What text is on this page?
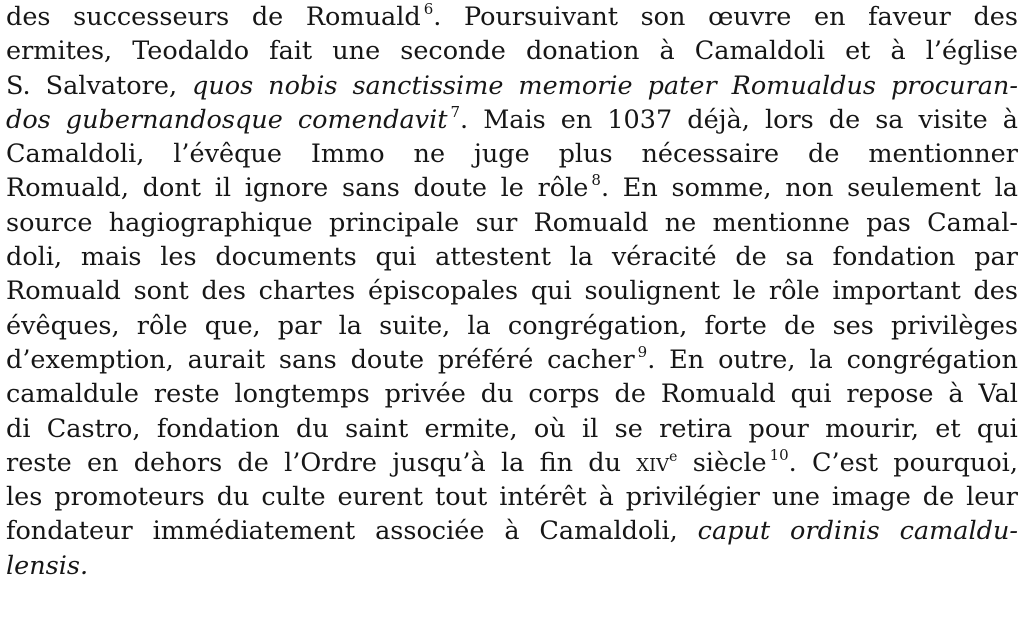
des successeurs de Romuald $^6$. Poursuivant son œuvre en faveur des
ermites, Teodaldo fait une seconde donation à Camaldoli et à l’église
S. Salvatore, quos nobis sanctissime memorie pater Romualdus procuran-
dos gubernandosque comendavit $^7$. Mais en 1037 déjà, lors de sa visite à
Camaldoli, l’évêque Immo ne juge plus nécessaire de mentionner
Romuald, dont il ignore sans doute le rôle $^8$. En somme, non seulement la
source hagiographique principale sur Romuald ne mentionne pas Camal-
doli, mais les documents qui attestent la véracité de sa fondation par
Romuald sont des chartes épiscopales qui soulignent le rôle important des
évêques, rôle que, par la suite, la congrégation, forte de ses privilèges
d’exemption, aurait sans doute préféré cacher $^9$. En outre, la congrégation
camaldule reste longtemps privée du corps de Romuald qui repose à Val
di Castro, fondation du saint ermite, où il se retira pour mourir, et qui
reste en dehors de l’Ordre jusqu’à la fin du xiv$^e$ siècle $^{10}$. C’est pourquoi,
les promoteurs du culte eurent tout intérêt à privilégier une image de leur
fondateur immédiatement associée à Camaldoli, caput ordinis camaldu-
lensis.
